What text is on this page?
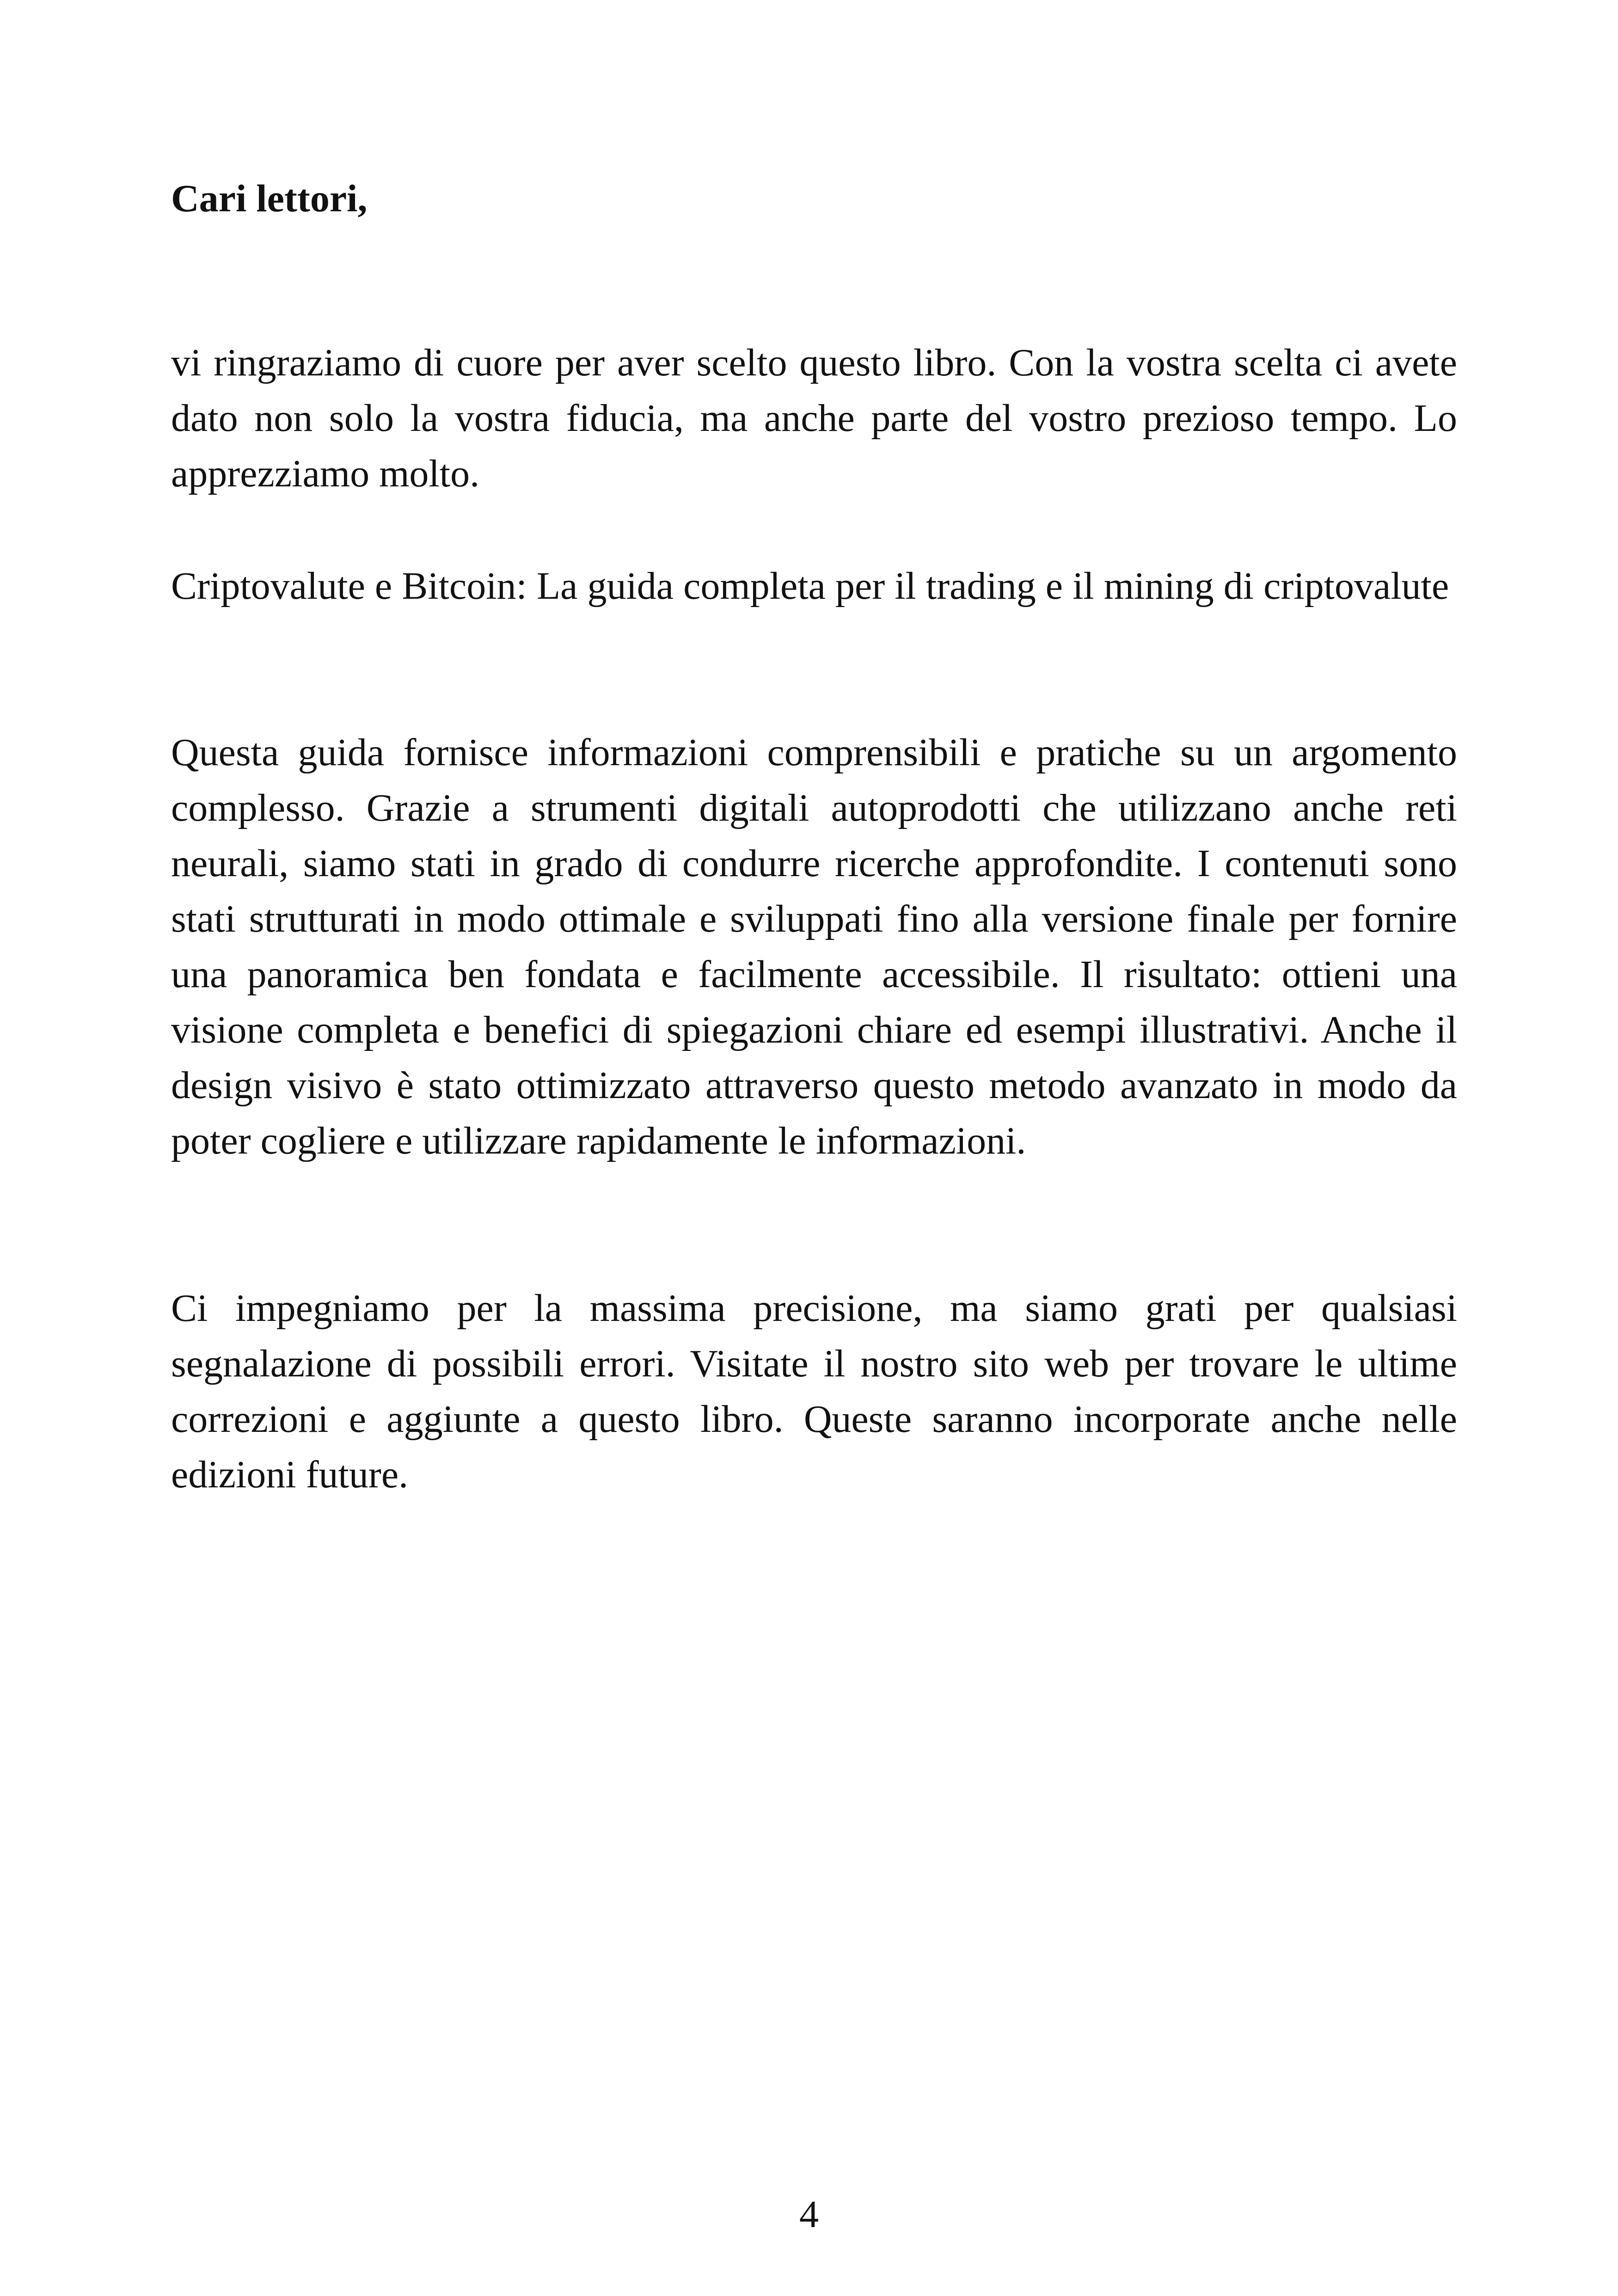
Cari lettori,

vi ringraziamo di cuore per aver scelto questo libro. Con la vostra scelta ci avete dato non solo la vostra fiducia, ma anche parte del vostro prezioso tempo. Lo apprezziamo molto.

Criptovalute e Bitcoin: La guida completa per il trading e il mining di criptovalute

Questa guida fornisce informazioni comprensibili e pratiche su un argomento complesso. Grazie a strumenti digitali autoprodotti che utilizzano anche reti neurali, siamo stati in grado di condurre ricerche approfondite. I contenuti sono stati strutturati in modo ottimale e sviluppati fino alla versione finale per fornire una panoramica ben fondata e facilmente accessibile. Il risultato: ottieni una visione completa e benefici di spiegazioni chiare ed esempi illustrativi. Anche il design visivo è stato ottimizzato attraverso questo metodo avanzato in modo da poter cogliere e utilizzare rapidamente le informazioni.

Ci impegniamo per la massima precisione, ma siamo grati per qualsiasi segnalazione di possibili errori. Visitate il nostro sito web per trovare le ultime correzioni e aggiunte a questo libro. Queste saranno incorporate anche nelle edizioni future.

4
